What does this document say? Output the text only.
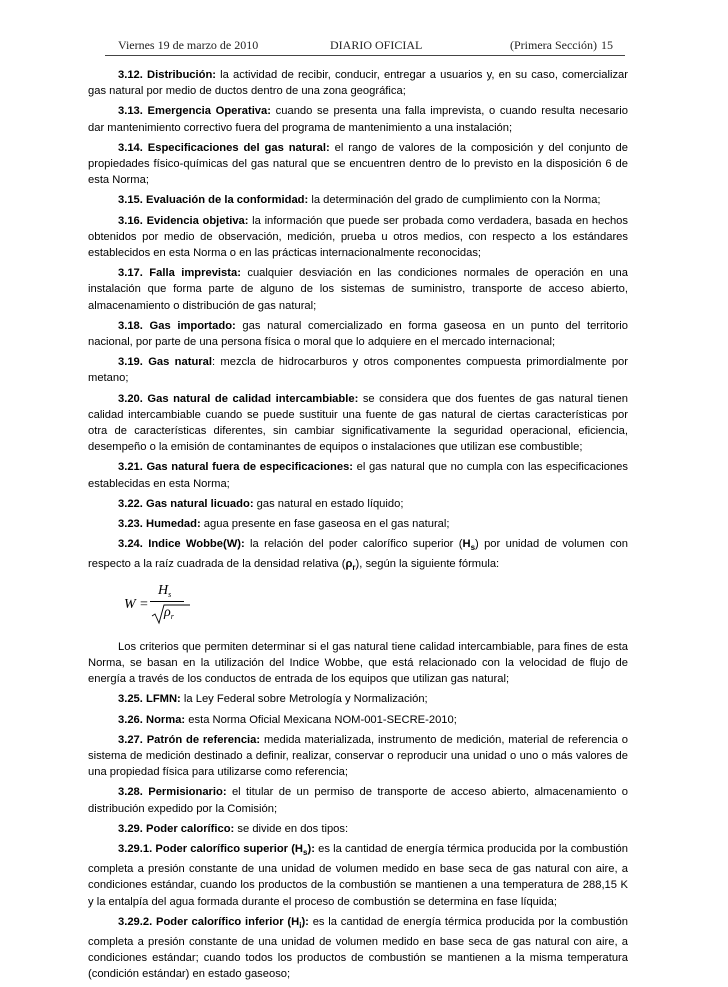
Viernes 19 de marzo de 2010	DIARIO OFICIAL	(Primera Sección) 15

3.12. Distribución: la actividad de recibir, conducir, entregar a usuarios y, en su caso, comercializar gas natural por medio de ductos dentro de una zona geográfica;

3.13. Emergencia Operativa: cuando se presenta una falla imprevista, o cuando resulta necesario dar mantenimiento correctivo fuera del programa de mantenimiento a una instalación;

3.14. Especificaciones del gas natural: el rango de valores de la composición y del conjunto de propiedades físico-químicas del gas natural que se encuentren dentro de lo previsto en la disposición 6 de esta Norma;

3.15. Evaluación de la conformidad: la determinación del grado de cumplimiento con la Norma;

3.16. Evidencia objetiva: la información que puede ser probada como verdadera, basada en hechos obtenidos por medio de observación, medición, prueba u otros medios, con respecto a los estándares establecidos en esta Norma o en las prácticas internacionalmente reconocidas;

3.17. Falla imprevista: cualquier desviación en las condiciones normales de operación en una instalación que forma parte de alguno de los sistemas de suministro, transporte de acceso abierto, almacenamiento o distribución de gas natural;

3.18. Gas importado: gas natural comercializado en forma gaseosa en un punto del territorio nacional, por parte de una persona física o moral que lo adquiere en el mercado internacional;

3.19. Gas natural: mezcla de hidrocarburos y otros componentes compuesta primordialmente por metano;

3.20. Gas natural de calidad intercambiable: se considera que dos fuentes de gas natural tienen calidad intercambiable cuando se puede sustituir una fuente de gas natural de ciertas características por otra de características diferentes, sin cambiar significativamente la seguridad operacional, eficiencia, desempeño o la emisión de contaminantes de equipos o instalaciones que utilizan ese combustible;

3.21. Gas natural fuera de especificaciones: el gas natural que no cumpla con las especificaciones establecidas en esta Norma;

3.22. Gas natural licuado: gas natural en estado líquido;

3.23. Humedad: agua presente en fase gaseosa en el gas natural;

3.24. Indice Wobbe(W): la relación del poder calorífico superior $(H_s)$ por unidad de volumen con respecto a la raíz cuadrada de la densidad relativa $(\rho_r)$, según la siguiente fórmula:

W =
$H_s$
$\rho_r$

Los criterios que permiten determinar si el gas natural tiene calidad intercambiable, para fines de esta Norma, se basan en la utilización del Indice Wobbe, que está relacionado con la velocidad de flujo de energía a través de los conductos de entrada de los equipos que utilizan gas natural;

3.25. LFMN: la Ley Federal sobre Metrología y Normalización;

3.26. Norma: esta Norma Oficial Mexicana NOM-001-SECRE-2010;

3.27. Patrón de referencia: medida materializada, instrumento de medición, material de referencia o sistema de medición destinado a definir, realizar, conservar o reproducir una unidad o uno o más valores de una propiedad física para utilizarse como referencia;

3.28. Permisionario: el titular de un permiso de transporte de acceso abierto, almacenamiento o distribución expedido por la Comisión;

3.29. Poder calorífico: se divide en dos tipos:

3.29.1. Poder calorífico superior $(H_s)$: es la cantidad de energía térmica producida por la combustión completa a presión constante de una unidad de volumen medido en base seca de gas natural con aire, a condiciones estándar, cuando los productos de la combustión se mantienen a una temperatura de 288,15 K y la entalpía del agua formada durante el proceso de combustión se determina en fase líquida;

3.29.2. Poder calorífico inferior $(H_i)$: es la cantidad de energía térmica producida por la combustión completa a presión constante de una unidad de volumen medido en base seca de gas natural con aire, a condiciones estándar; cuando todos los productos de combustión se mantienen a la misma temperatura (condición estándar) en estado gaseoso;
